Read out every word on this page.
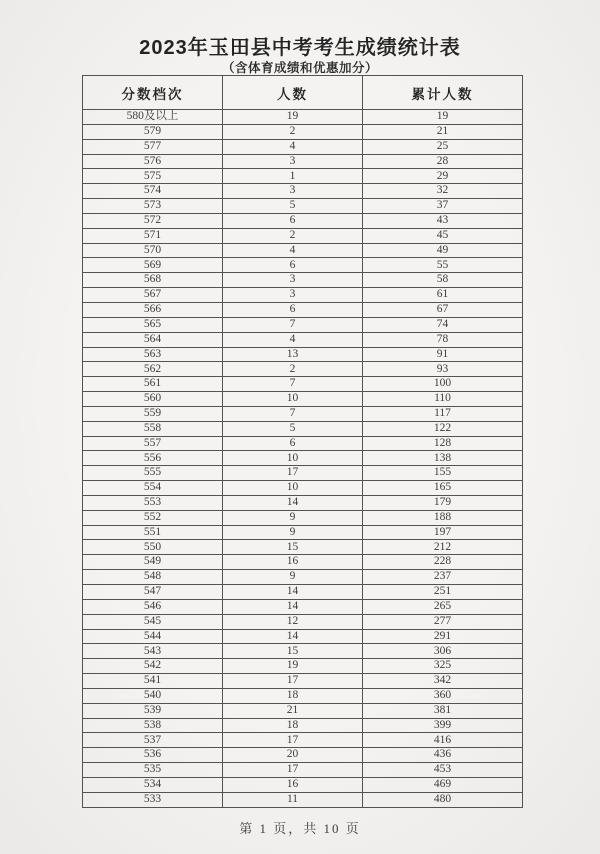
2023年玉田县中考考生成绩统计表
（含体育成绩和优惠加分）
分数档次	人数	累计人数
580及以上	19	19
579	2	21
577	4	25
576	3	28
575	1	29
574	3	32
573	5	37
572	6	43
571	2	45
570	4	49
569	6	55
568	3	58
567	3	61
566	6	67
565	7	74
564	4	78
563	13	91
562	2	93
561	7	100
560	10	110
559	7	117
558	5	122
557	6	128
556	10	138
555	17	155
554	10	165
553	14	179
552	9	188
551	9	197
550	15	212
549	16	228
548	9	237
547	14	251
546	14	265
545	12	277
544	14	291
543	15	306
542	19	325
541	17	342
540	18	360
539	21	381
538	18	399
537	17	416
536	20	436
535	17	453
534	16	469
533	11	480
第 1 页，共 10 页
